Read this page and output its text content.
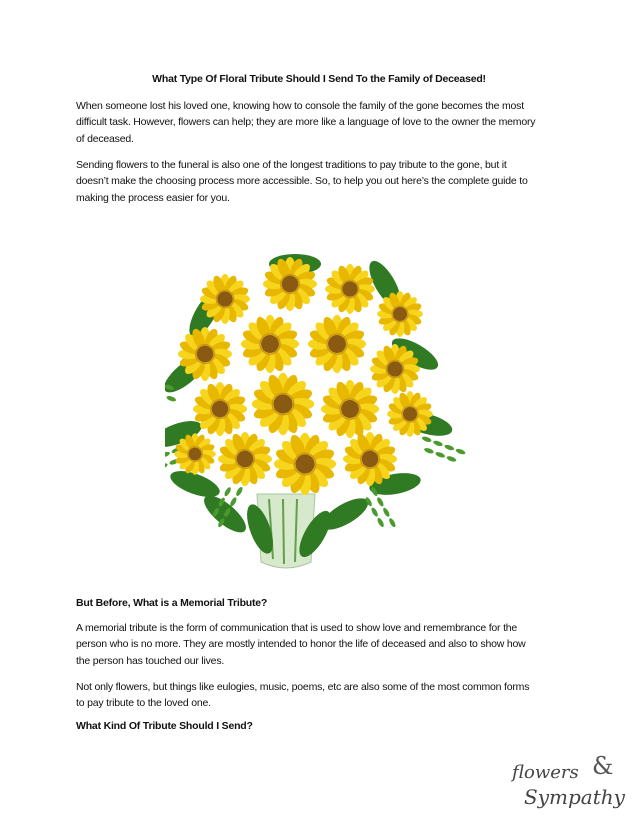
What Type Of Floral Tribute Should I Send To the Family of Deceased!
When someone lost his loved one, knowing how to console the family of the gone becomes the most
difficult task. However, flowers can help; they are more like a language of love to the owner the memory
of deceased.
Sending flowers to the funeral is also one of the longest traditions to pay tribute to the gone, but it
doesn’t make the choosing process more accessible. So, to help you out here’s the complete guide to
making the process easier for you.
flowers &
Sympathy
But Before, What is a Memorial Tribute?
A memorial tribute is the form of communication that is used to show love and remembrance for the
person who is no more. They are mostly intended to honor the life of deceased and also to show how
the person has touched our lives.
Not only flowers, but things like eulogies, music, poems, etc are also some of the most common forms
to pay tribute to the loved one.
What Kind Of Tribute Should I Send?
